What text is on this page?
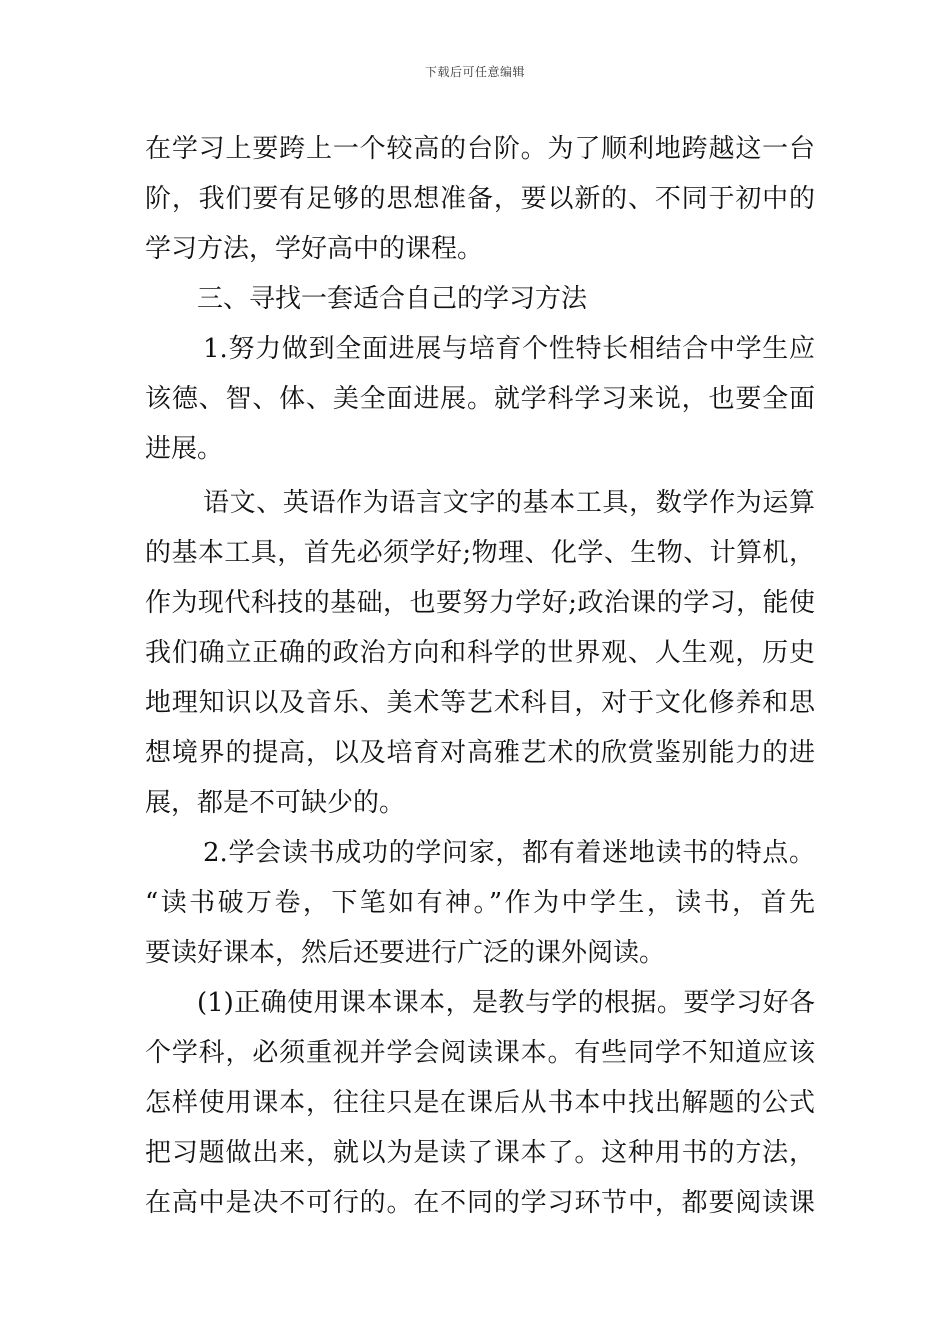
下载后可任意编辑
在学习上要跨上一个较高的台阶。为了顺利地跨越这一台
阶，我们要有足够的思想准备，要以新的、不同于初中的
学习方法，学好高中的课程。
三、寻找一套适合自己的学习方法
1.努力做到全面进展与培育个性特长相结合中学生应
该德、智、体、美全面进展。就学科学习来说，也要全面
进展。
语文、英语作为语言文字的基本工具，数学作为运算
的基本工具，首先必须学好;物理、化学、生物、计算机，
作为现代科技的基础，也要努力学好;政治课的学习，能使
我们确立正确的政治方向和科学的世界观、人生观，历史
地理知识以及音乐、美术等艺术科目，对于文化修养和思
想境界的提高，以及培育对高雅艺术的欣赏鉴别能力的进
展，都是不可缺少的。
2.学会读书成功的学问家，都有着迷地读书的特点。
“读书破万卷，下笔如有神。”作为中学生，读书，首先
要读好课本，然后还要进行广泛的课外阅读。
(1)正确使用课本课本，是教与学的根据。要学习好各
个学科，必须重视并学会阅读课本。有些同学不知道应该
怎样使用课本，往往只是在课后从书本中找出解题的公式
把习题做出来，就以为是读了课本了。这种用书的方法，
在高中是决不可行的。在不同的学习环节中，都要阅读课
